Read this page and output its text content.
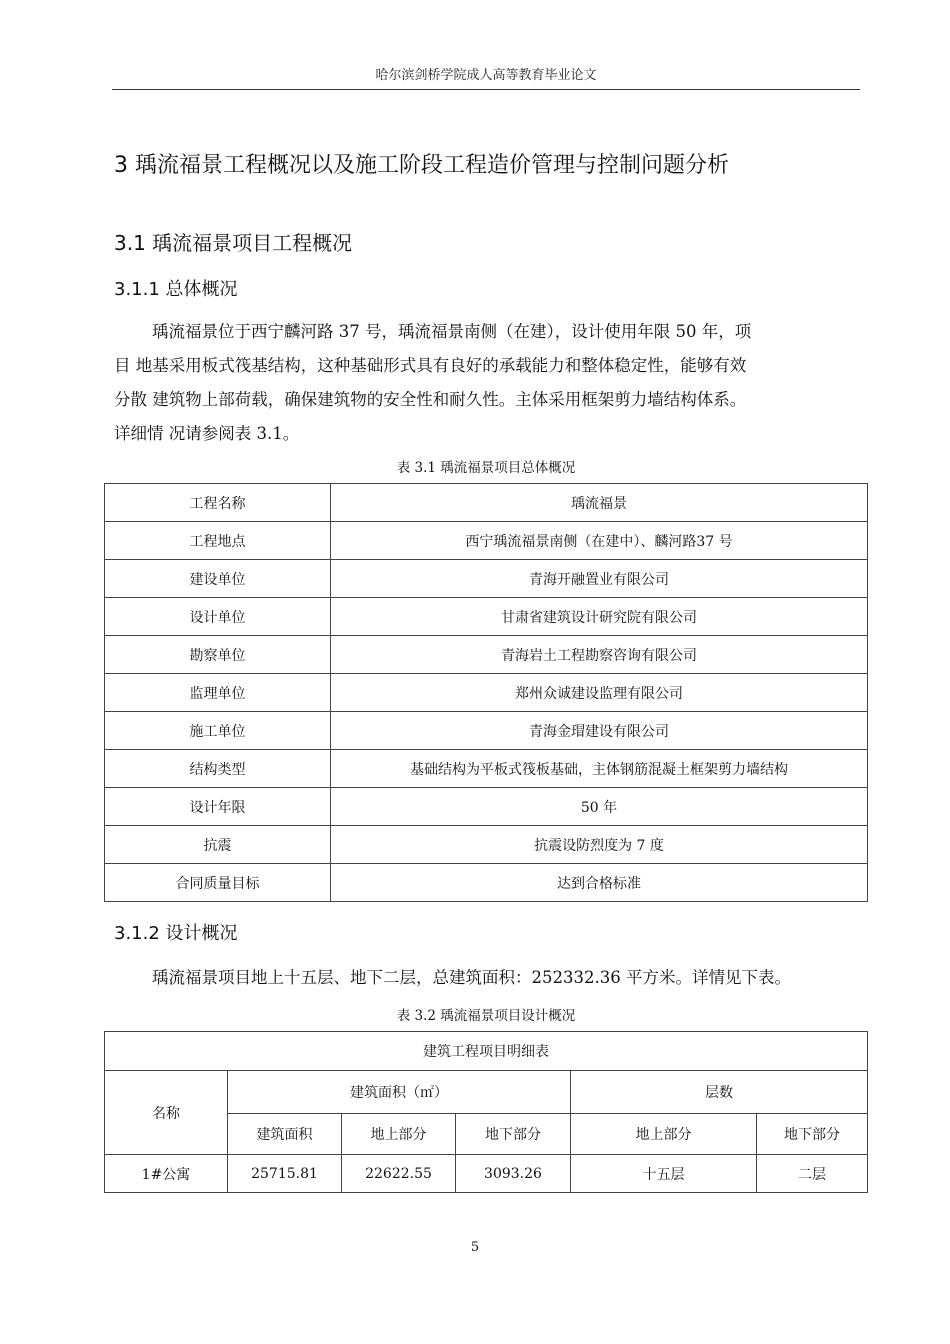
哈尔滨剑桥学院成人高等教育毕业论文
3 瑀流福景工程概况以及施工阶段工程造价管理与控制问题分析
3.1 瑀流福景项目工程概况
3.1.1 总体概况

瑀流福景位于西宁麟河路 37 号，瑀流福景南侧（在建），设计使用年限 50 年，项

目 地基采用板式筏基结构，这种基础形式具有良好的承载能力和整体稳定性，能够有效

分散 建筑物上部荷载，确保建筑物的安全性和耐久性。主体采用框架剪力墙结构体系。

详细情 况请参阅表 3.1。

表 3.1 瑀流福景项目总体概况
工程名称	瑀流福景
工程地点	西宁瑀流福景南侧（在建中）、麟河路37 号
建设单位	青海开融置业有限公司
设计单位	甘肃省建筑设计研究院有限公司
勘察单位	青海岩土工程勘察咨询有限公司
监理单位	郑州众诚建设监理有限公司
施工单位	青海金瑁建设有限公司
结构类型	基础结构为平板式筏板基础，主体钢筋混凝土框架剪力墙结构
设计年限	50 年
抗震	抗震设防烈度为 7 度
合同质量目标	达到合格标准
3.1.2 设计概况
瑀流福景项目地上十五层、地下二层，总建筑面积：252332.36 平方米。详情见下表。
表 3.2 瑀流福景项目设计概况
建筑工程项目明细表					
名称	建筑面积（㎡）			层数	
	建筑面积	地上部分	地下部分	地上部分	地下部分
1#公寓	25715.81	22622.55	3093.26	十五层	二层
5
